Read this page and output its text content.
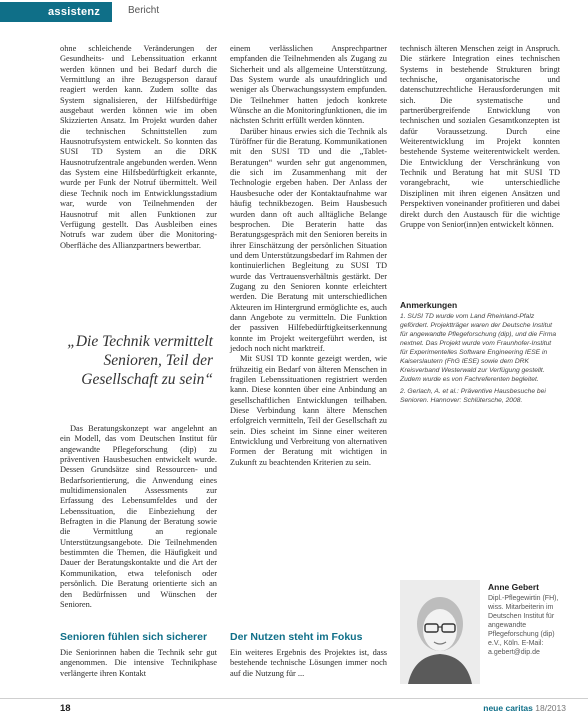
assistenz	Bericht

ohne schleichende Veränderungen der Gesundheits- und Lebenssituation erkannt werden können und bei Bedarf durch die Vermittlung an ihre Bezugsperson darauf reagiert werden kann. Zudem sollte das System signalisieren, der Hilfsbedürftige ausgebaut werden können wie im oben Skizzierten Ansatz. Im Projekt wurden daher die technischen Schnittstellen zum Hausnotrufsystem entwickelt. So konnten das SUSI TD System an die DRK Hausnotrufzentrale angebunden werden. Wenn das System eine Hilfsbedürftigkeit erkannte, wurde per Funk der Notruf übermittelt. Weil diese Technik noch im Entwicklungsstadium war, wurde von Teilnehmenden der Hausnotruf mit allen Funktionen zur Verfügung gestellt. Das Ausbleiben eines Notrufs war zudem über die Monitoring-Oberfläche des Allianzpartners bewertbar.

„Die Technik vermittelt Senioren, Teil der Gesellschaft zu sein“

Das Beratungskonzept war angelehnt an ein Modell, das vom Deutschen Institut für angewandte Pflegeforschung (dip) zu präventiven Hausbesuchen entwickelt wurde. Dessen Grundsätze sind Ressourcen- und Bedarfsorientierung, die Anwendung eines multidimensionalen Assessments zur Erfassung des Lebensumfeldes und der Lebenssituation, die Einbeziehung der Befragten in die Planung der Beratung sowie die Vermittlung an regionale Unterstützungsangebote. Die Teilnehmenden bestimmten die Themen, die Häufigkeit und Dauer der Beratungskontakte und die Art der Kommunikation, etwa telefonisch oder persönlich. Die Beratung orientierte sich an den Bedürfnissen und Wünschen der Senioren.

Senioren fühlen sich sicherer

Die Seniorinnen haben die Technik sehr gut angenommen. Die intensive Technikphase verlängerte ihren Kontakt

einem verlässlichen Ansprechpartner empfanden die Teilnehmenden als Zugang zu Sicherheit und als allgemeine Unterstützung. Das System wurde als unaufdringlich und weniger als Überwachungssystem empfunden. Die Teilnehmer hatten jedoch konkrete Wünsche an die Monitoringfunktionen, die im nächsten Schritt erfüllt werden könnten.

Darüber hinaus erwies sich die Technik als Türöffner für die Beratung. Kommunikationen mit den SUSI TD und die „Tablet-Beratungen“ wurden sehr gut angenommen, die sich im Zusammenhang mit der Technologie ergeben haben. Der Anlass der Hausbesuche oder der Kontaktaufnahme war häufig technikbezogen. Beim Hausbesuch wurden dann oft auch alltägliche Belange besprochen. Die Beraterin hatte das Beratungsgespräch mit den Senioren bereits in ihrer Einschätzung der persönlichen Situation und dem Unterstützungsbedarf im Rahmen der kontinuierlichen Begleitung zu SUSI TD wurde das Vertrauensverhältnis gestärkt. Der Zugang zu den Senioren konnte erleichtert werden. Die Beratung mit unterschiedlichen Akteuren im Hintergrund ermöglichte es, auch dann Angebote zu vermitteln. Die Funktion der passiven Hilfebedürftigkeitserkennung konnte im Projekt weitergeführt werden, ist jedoch noch nicht marktreif.

Mit SUSI TD konnte gezeigt werden, wie frühzeitig ein Bedarf von älteren Menschen in fragilen Lebenssituationen registriert werden kann. Diese konnten über eine Anbindung an gesellschaftlichen Entwicklungen teilhaben. Diese Verbindung kann ältere Menschen erfolgreich vermitteln, Teil der Gesellschaft zu sein. Dies scheint im Sinne einer weiteren Entwicklung und Verbreitung von alternativen Formen der Beratung mit wichtigen in Zukunft zu beachtenden Kriterien zu sein.

Der Nutzen steht im Fokus

Ein weiteres Ergebnis des Projektes ist, dass bestehende technische Lösungen immer noch auf die Nutzung für ...

technisch älteren Menschen zeigt in Anspruch. Die stärkere Integration eines technischen Systems in bestehende Strukturen bringt technische, organisatorische und datenschutzrechtliche Herausforderungen mit sich. Die systematische und partnerübergreifende Entwicklung von technischen und sozialen Gesamtkonzepten ist dafür Voraussetzung. Durch eine Weiterentwicklung im Projekt konnten bestehende Systeme weiterentwickelt werden. Die Entwicklung der Verschränkung von Technik und Beratung hat mit SUSI TD vorangebracht, wie unterschiedliche Disziplinen mit ihren eigenen Ansätzen und Perspektiven voneinander profitieren und dabei direkt durch den Austausch für die wichtige Gruppe von Senior(inn)en entwickelt können.

Anmerkungen

1. SUSI TD wurde vom Land Rheinland-Pfalz gefördert. Projektträger waren der Deutsche Institut für angewandte Pflegeforschung (dip), und die Firma nextnet. Das Projekt wurde vom Fraunhofer-Institut für Experimentelles Software Engineering IESE in Kaiserslautern (FhG IESE) sowie dem DRK Kreisverband Westerwald zur Verfügung gestellt. Zudem wurde es von Fachreferenten begleitet.

2. Gerlach, A. et al.: Präventive Hausbesuche bei Senioren. Hannover: Schlütersche, 2008.

Anne Gebert
Dipl.-Pflegewirtin (FH), wiss. Mitarbeiterin im Deutschen Institut für angewandte Pflegeforschung (dip) e.V., Köln. E-Mail: a.gebert@dip.de
18	neue caritas 18/2013
